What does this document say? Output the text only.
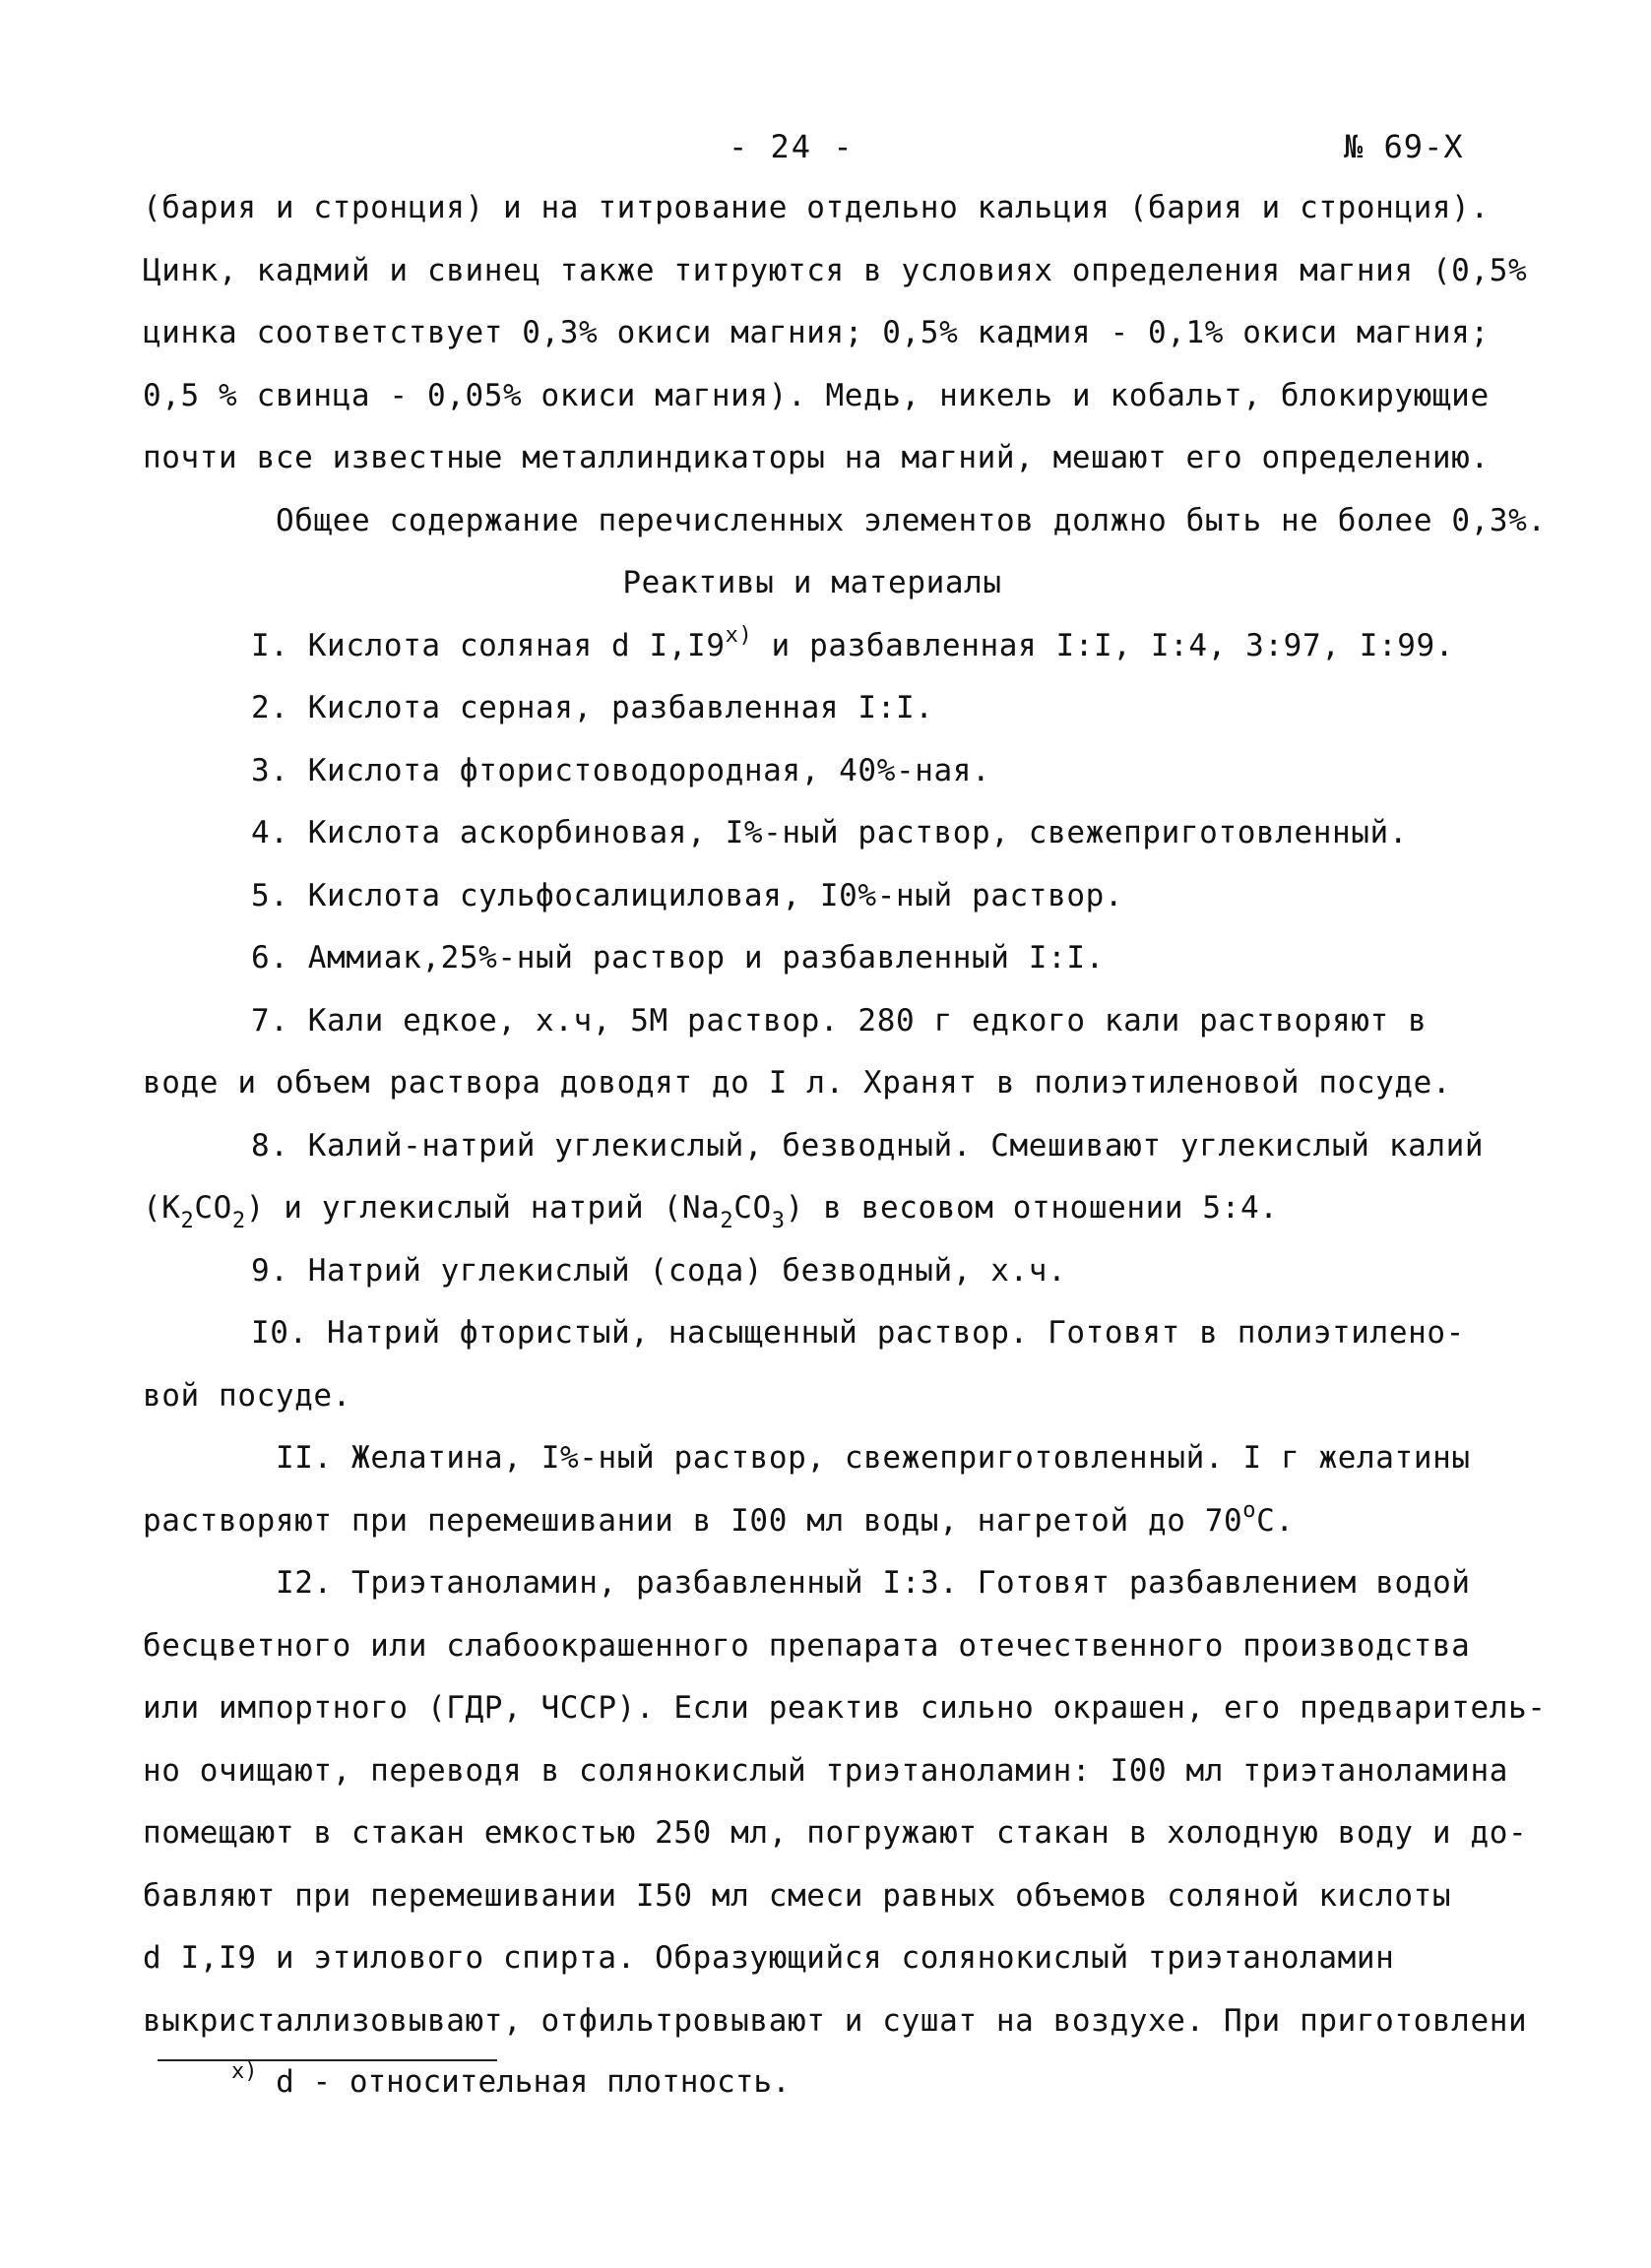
- 24 -	№ 69-Х
(бария и стронция) и на титрование отдельно кальция (бария и стронция).
Цинк, кадмий и свинец также титруются в условиях определения магния (0,5%
цинка соответствует 0,3% окиси магния; 0,5% кадмия - 0,1% окиси магния;
0,5 % свинца - 0,05% окиси магния). Медь, никель и кобальт, блокирующие
почти все известные металлиндикаторы на магний, мешают его определению.
Общее содержание перечисленных элементов должно быть не более 0,3%.
Реактивы и материалы
I. Кислота соляная d I,I9$^{x)}$ и разбавленная I:I, I:4, 3:97, I:99.
2. Кислота серная, разбавленная I:I.
3. Кислота фтористоводородная, 40%-ная.
4. Кислота аскорбиновая, I%-ный раствор, свежеприготовленный.
5. Кислота сульфосалициловая, I0%-ный раствор.
6. Аммиак,25%-ный раствор и разбавленный I:I.
7. Кали едкое, х.ч, 5М раствор. 280 г едкого кали растворяют в
воде и объем раствора доводят до I л. Хранят в полиэтиленовой посуде.
8. Калий-натрий углекислый, безводный. Смешивают углекислый калий
$(K_2CO_2)$ и углекислый натрий $(Na_2CO_3)$ в весовом отношении 5:4.
9. Натрий углекислый (сода) безводный, х.ч.
I0. Натрий фтористый, насыщенный раствор. Готовят в полиэтилено-
вой посуде.
II. Желатина, I%-ный раствор, свежеприготовленный. I г желатины
растворяют при перемешивании в I00 мл воды, нагретой до 70$^o$C.
I2. Триэтаноламин, разбавленный I:3. Готовят разбавлением водой
бесцветного или слабоокрашенного препарата отечественного производства
или импортного (ГДР, ЧССР). Если реактив сильно окрашен, его предваритель-
но очищают, переводя в солянокислый триэтаноламин: I00 мл триэтаноламина
помещают в стакан емкостью 250 мл, погружают стакан в холодную воду и до-
бавляют при перемешивании I50 мл смеси равных объемов соляной кислоты
d I,I9 и этилового спирта. Образующийся солянокислый триэтаноламин
выкристаллизовывают, отфильтровывают и сушат на воздухе. При приготовлени
$^{x)}$ d - относительная плотность.
